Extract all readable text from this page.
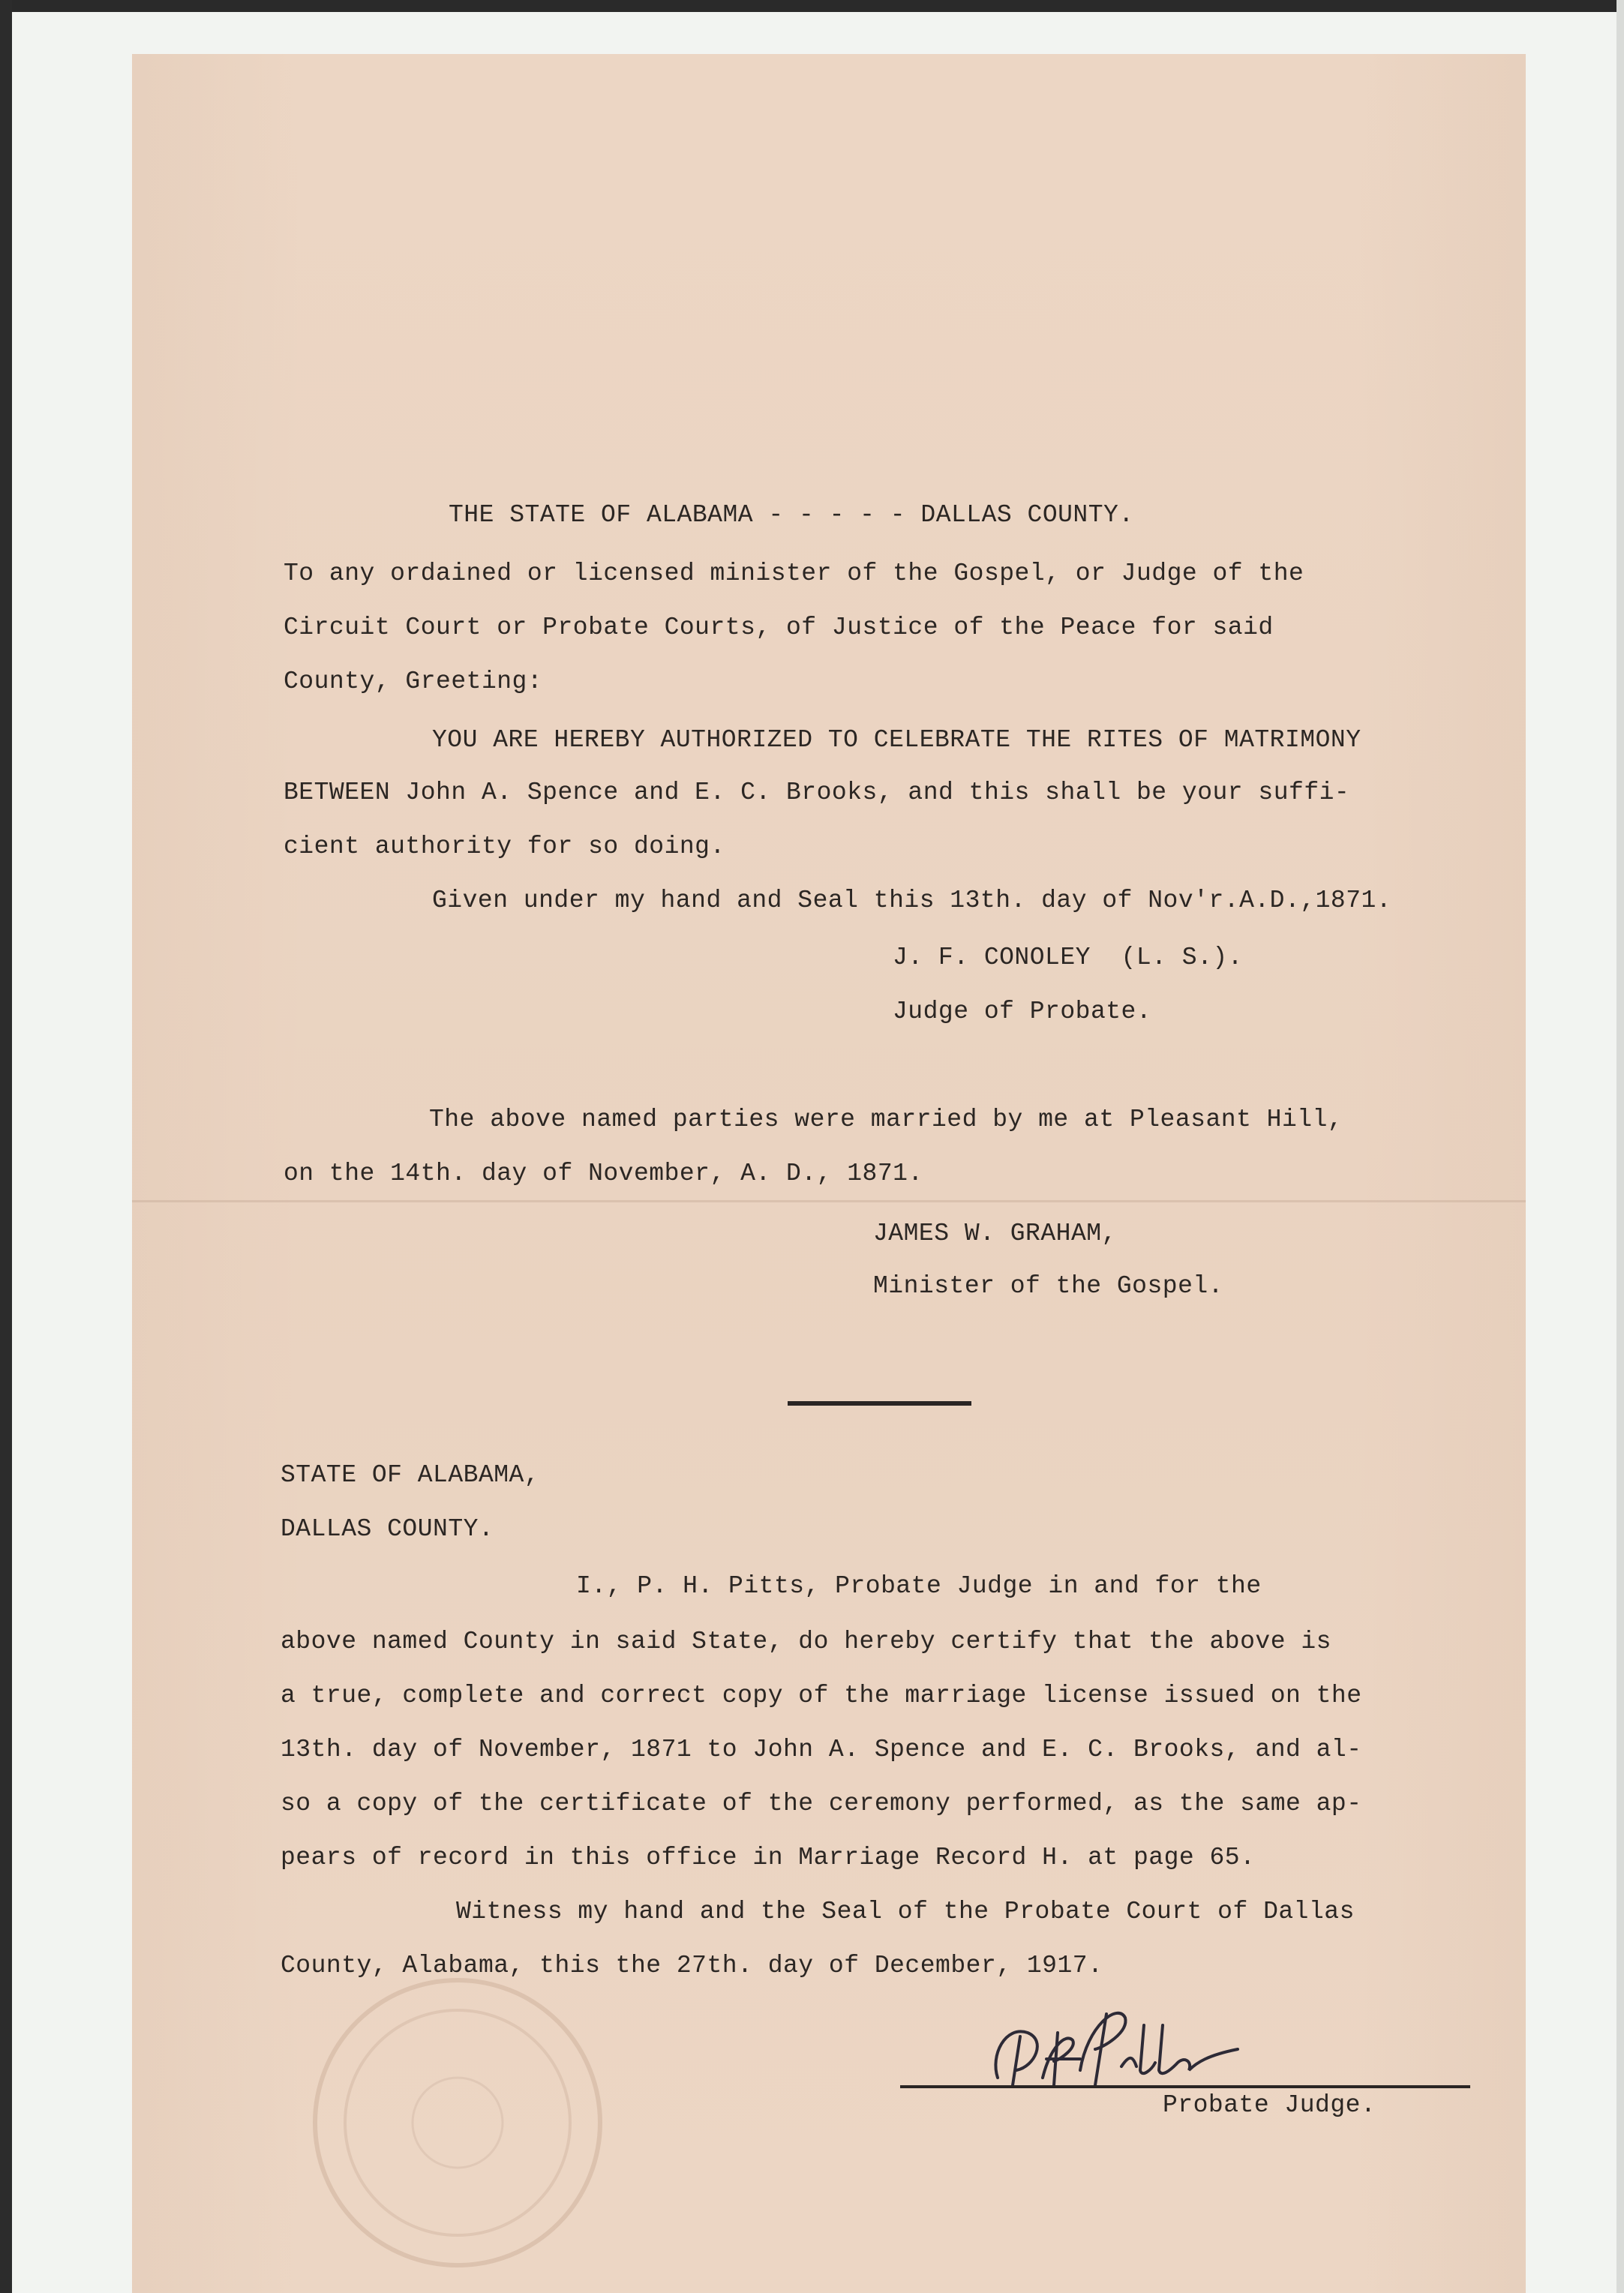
THE STATE OF ALABAMA - - - - - DALLAS COUNTY.
To any ordained or licensed minister of the Gospel, or Judge of the
Circuit Court or Probate Courts, of Justice of the Peace for said
County, Greeting:
YOU ARE HEREBY AUTHORIZED TO CELEBRATE THE RITES OF MATRIMONY
BETWEEN John A. Spence and E. C. Brooks, and this shall be your suffi-
cient authority for so doing.
Given under my hand and Seal this 13th. day of Nov'r.A.D.,1871.
J. F. CONOLEY  (L. S.).
Judge of Probate.
The above named parties were married by me at Pleasant Hill,
on the 14th. day of November, A. D., 1871.
JAMES W. GRAHAM,
Minister of the Gospel.
STATE OF ALABAMA,
DALLAS COUNTY.
I., P. H. Pitts, Probate Judge in and for the
above named County in said State, do hereby certify that the above is
a true, complete and correct copy of the marriage license issued on the
13th. day of November, 1871 to John A. Spence and E. C. Brooks, and al-
so a copy of the certificate of the ceremony performed, as the same ap-
pears of record in this office in Marriage Record H. at page 65.
Witness my hand and the Seal of the Probate Court of Dallas
County, Alabama, this the 27th. day of December, 1917.
Probate Judge.
